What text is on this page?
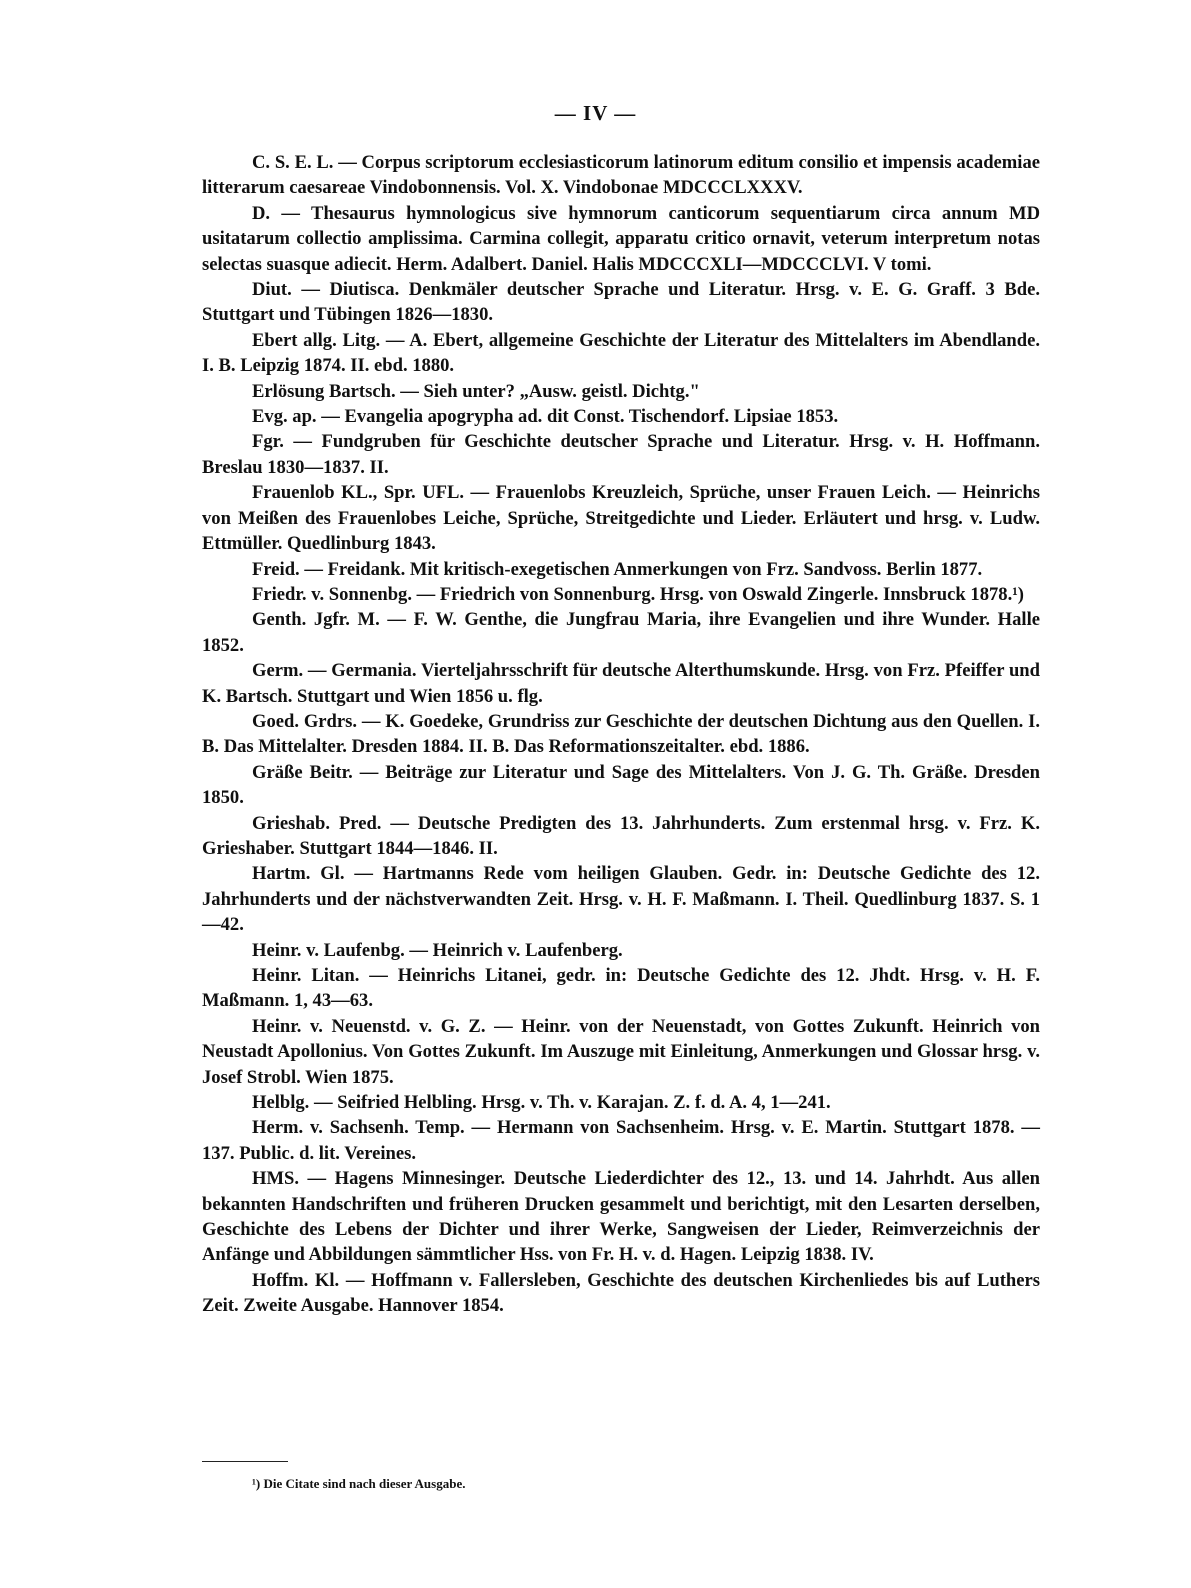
— IV —

C. S. E. L. — Corpus scriptorum ecclesiasticorum latinorum editum consilio et impensis academiae litterarum caesareae Vindobonnensis. Vol. X. Vindobonae MDCCCLXXXV.

D. — Thesaurus hymnologicus sive hymnorum canticorum sequentiarum circa annum MD usitatarum collectio amplissima. Carmina collegit, apparatu critico ornavit, veterum interpretum notas selectas suasque adiecit. Herm. Adalbert. Daniel. Halis MDCCCXLI—MDCCCLVI. V tomi.

Diut. — Diutisca. Denkmäler deutscher Sprache und Literatur. Hrsg. v. E. G. Graff. 3 Bde. Stuttgart und Tübingen 1826—1830.

Ebert allg. Litg. — A. Ebert, allgemeine Geschichte der Literatur des Mittelalters im Abendlande. I. B. Leipzig 1874. II. ebd. 1880.

Erlösung Bartsch. — Sieh unter? „Ausw. geistl. Dichtg."

Evg. ap. — Evangelia apogrypha ad. dit Const. Tischendorf. Lipsiae 1853.

Fgr. — Fundgruben für Geschichte deutscher Sprache und Literatur. Hrsg. v. H. Hoffmann. Breslau 1830—1837. II.

Frauenlob KL., Spr. UFL. — Frauenlobs Kreuzleich, Sprüche, unser Frauen Leich. — Heinrichs von Meißen des Frauenlobes Leiche, Sprüche, Streitgedichte und Lieder. Erläutert und hrsg. v. Ludw. Ettmüller. Quedlinburg 1843.

Freid. — Freidank. Mit kritisch-exegetischen Anmerkungen von Frz. Sandvoss. Berlin 1877.

Friedr. v. Sonnenbg. — Friedrich von Sonnenburg. Hrsg. von Oswald Zingerle. Innsbruck 1878.¹)

Genth. Jgfr. M. — F. W. Genthe, die Jungfrau Maria, ihre Evangelien und ihre Wunder. Halle 1852.

Germ. — Germania. Vierteljahrsschrift für deutsche Alterthumskunde. Hrsg. von Frz. Pfeiffer und K. Bartsch. Stuttgart und Wien 1856 u. flg.

Goed. Grdrs. — K. Goedeke, Grundriss zur Geschichte der deutschen Dichtung aus den Quellen. I. B. Das Mittelalter. Dresden 1884. II. B. Das Reformationszeitalter. ebd. 1886.

Gräße Beitr. — Beiträge zur Literatur und Sage des Mittelalters. Von J. G. Th. Gräße. Dresden 1850.

Grieshab. Pred. — Deutsche Predigten des 13. Jahrhunderts. Zum erstenmal hrsg. v. Frz. K. Grieshaber. Stuttgart 1844—1846. II.

Hartm. Gl. — Hartmanns Rede vom heiligen Glauben. Gedr. in: Deutsche Gedichte des 12. Jahrhunderts und der nächstverwandten Zeit. Hrsg. v. H. F. Maßmann. I. Theil. Quedlinburg 1837. S. 1—42.

Heinr. v. Laufenbg. — Heinrich v. Laufenberg.

Heinr. Litan. — Heinrichs Litanei, gedr. in: Deutsche Gedichte des 12. Jhdt. Hrsg. v. H. F. Maßmann. 1, 43—63.

Heinr. v. Neuenstd. v. G. Z. — Heinr. von der Neuenstadt, von Gottes Zukunft. Heinrich von Neustadt Apollonius. Von Gottes Zukunft. Im Auszuge mit Einleitung, Anmerkungen und Glossar hrsg. v. Josef Strobl. Wien 1875.

Helblg. — Seifried Helbling. Hrsg. v. Th. v. Karajan. Z. f. d. A. 4, 1—241.

Herm. v. Sachsenh. Temp. — Hermann von Sachsenheim. Hrsg. v. E. Martin. Stuttgart 1878. — 137. Public. d. lit. Vereines.

HMS. — Hagens Minnesinger. Deutsche Liederdichter des 12., 13. und 14. Jahrhdt. Aus allen bekannten Handschriften und früheren Drucken gesammelt und berichtigt, mit den Lesarten derselben, Geschichte des Lebens der Dichter und ihrer Werke, Sangweisen der Lieder, Reimverzeichnis der Anfänge und Abbildungen sämmtlicher Hss. von Fr. H. v. d. Hagen. Leipzig 1838. IV.

Hoffm. Kl. — Hoffmann v. Fallersleben, Geschichte des deutschen Kirchenliedes bis auf Luthers Zeit. Zweite Ausgabe. Hannover 1854.

¹) Die Citate sind nach dieser Ausgabe.
